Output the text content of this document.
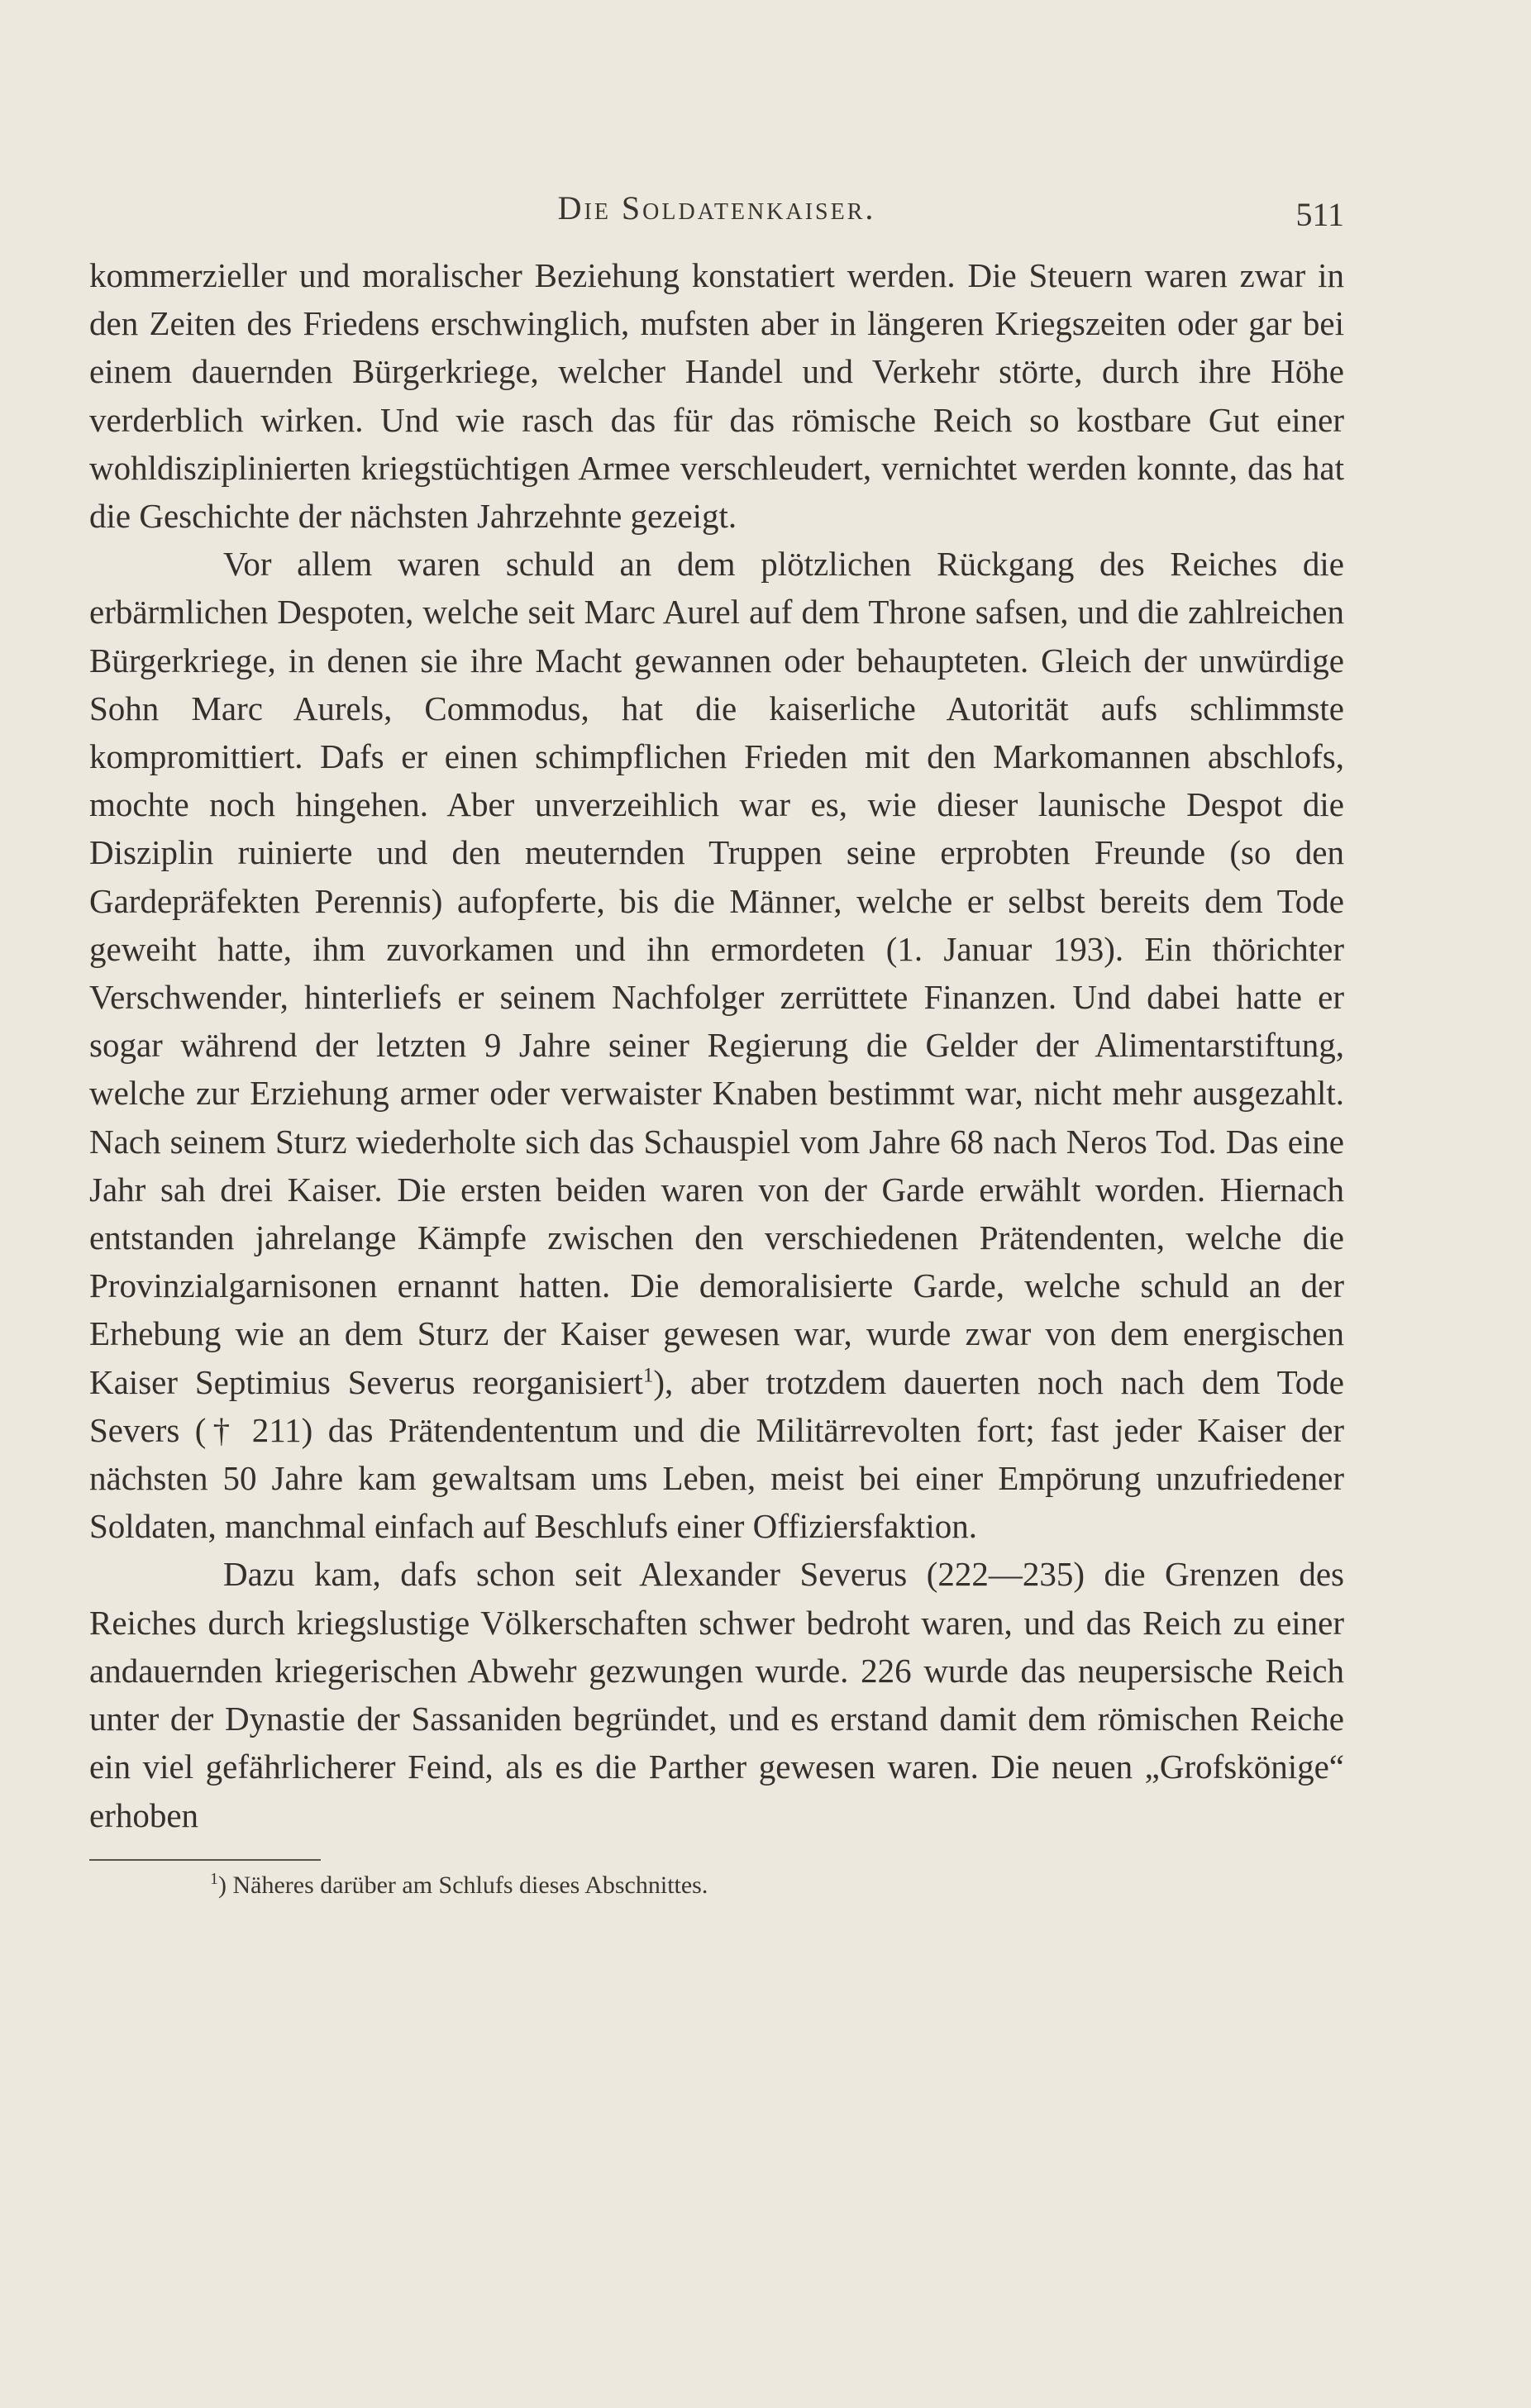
Die Soldatenkaiser.	511

kommerzieller und moralischer Beziehung konstatiert werden. Die Steuern waren zwar in den Zeiten des Friedens erschwinglich, mufsten aber in längeren Kriegszeiten oder gar bei einem dauernden Bürgerkriege, welcher Handel und Verkehr störte, durch ihre Höhe verderblich wirken. Und wie rasch das für das römische Reich so kostbare Gut einer wohldisziplinierten kriegstüchtigen Armee verschleudert, vernichtet werden konnte, das hat die Geschichte der nächsten Jahrzehnte gezeigt.

Vor allem waren schuld an dem plötzlichen Rückgang des Reiches die erbärmlichen Despoten, welche seit Marc Aurel auf dem Throne safsen, und die zahlreichen Bürgerkriege, in denen sie ihre Macht gewannen oder behaupteten. Gleich der unwürdige Sohn Marc Aurels, Commodus, hat die kaiserliche Autorität aufs schlimmste kompromittiert. Dafs er einen schimpflichen Frieden mit den Markomannen abschlofs, mochte noch hingehen. Aber unverzeihlich war es, wie dieser launische Despot die Disziplin ruinierte und den meuternden Truppen seine erprobten Freunde (so den Gardepräfekten Perennis) aufopferte, bis die Männer, welche er selbst bereits dem Tode geweiht hatte, ihm zuvorkamen und ihn ermordeten (1. Januar 193). Ein thörichter Verschwender, hinterliefs er seinem Nachfolger zerrüttete Finanzen. Und dabei hatte er sogar während der letzten 9 Jahre seiner Regierung die Gelder der Alimentarstiftung, welche zur Erziehung armer oder verwaister Knaben bestimmt war, nicht mehr ausgezahlt. Nach seinem Sturz wiederholte sich das Schauspiel vom Jahre 68 nach Neros Tod. Das eine Jahr sah drei Kaiser. Die ersten beiden waren von der Garde erwählt worden. Hiernach entstanden jahrelange Kämpfe zwischen den verschiedenen Prätendenten, welche die Provinzialgarnisonen ernannt hatten. Die demoralisierte Garde, welche schuld an der Erhebung wie an dem Sturz der Kaiser gewesen war, wurde zwar von dem energischen Kaiser Septimius Severus reorganisiert$^1$), aber trotzdem dauerten noch nach dem Tode Severs († 211) das Prätendententum und die Militärrevolten fort; fast jeder Kaiser der nächsten 50 Jahre kam gewaltsam ums Leben, meist bei einer Empörung unzufriedener Soldaten, manchmal einfach auf Beschlufs einer Offiziersfaktion.

Dazu kam, dafs schon seit Alexander Severus (222—235) die Grenzen des Reiches durch kriegslustige Völkerschaften schwer bedroht waren, und das Reich zu einer andauernden kriegerischen Abwehr gezwungen wurde. 226 wurde das neupersische Reich unter der Dynastie der Sassaniden begründet, und es erstand damit dem römischen Reiche ein viel gefährlicherer Feind, als es die Parther gewesen waren. Die neuen „Grofskönige“ erhoben

$^1$) Näheres darüber am Schlufs dieses Abschnittes.
